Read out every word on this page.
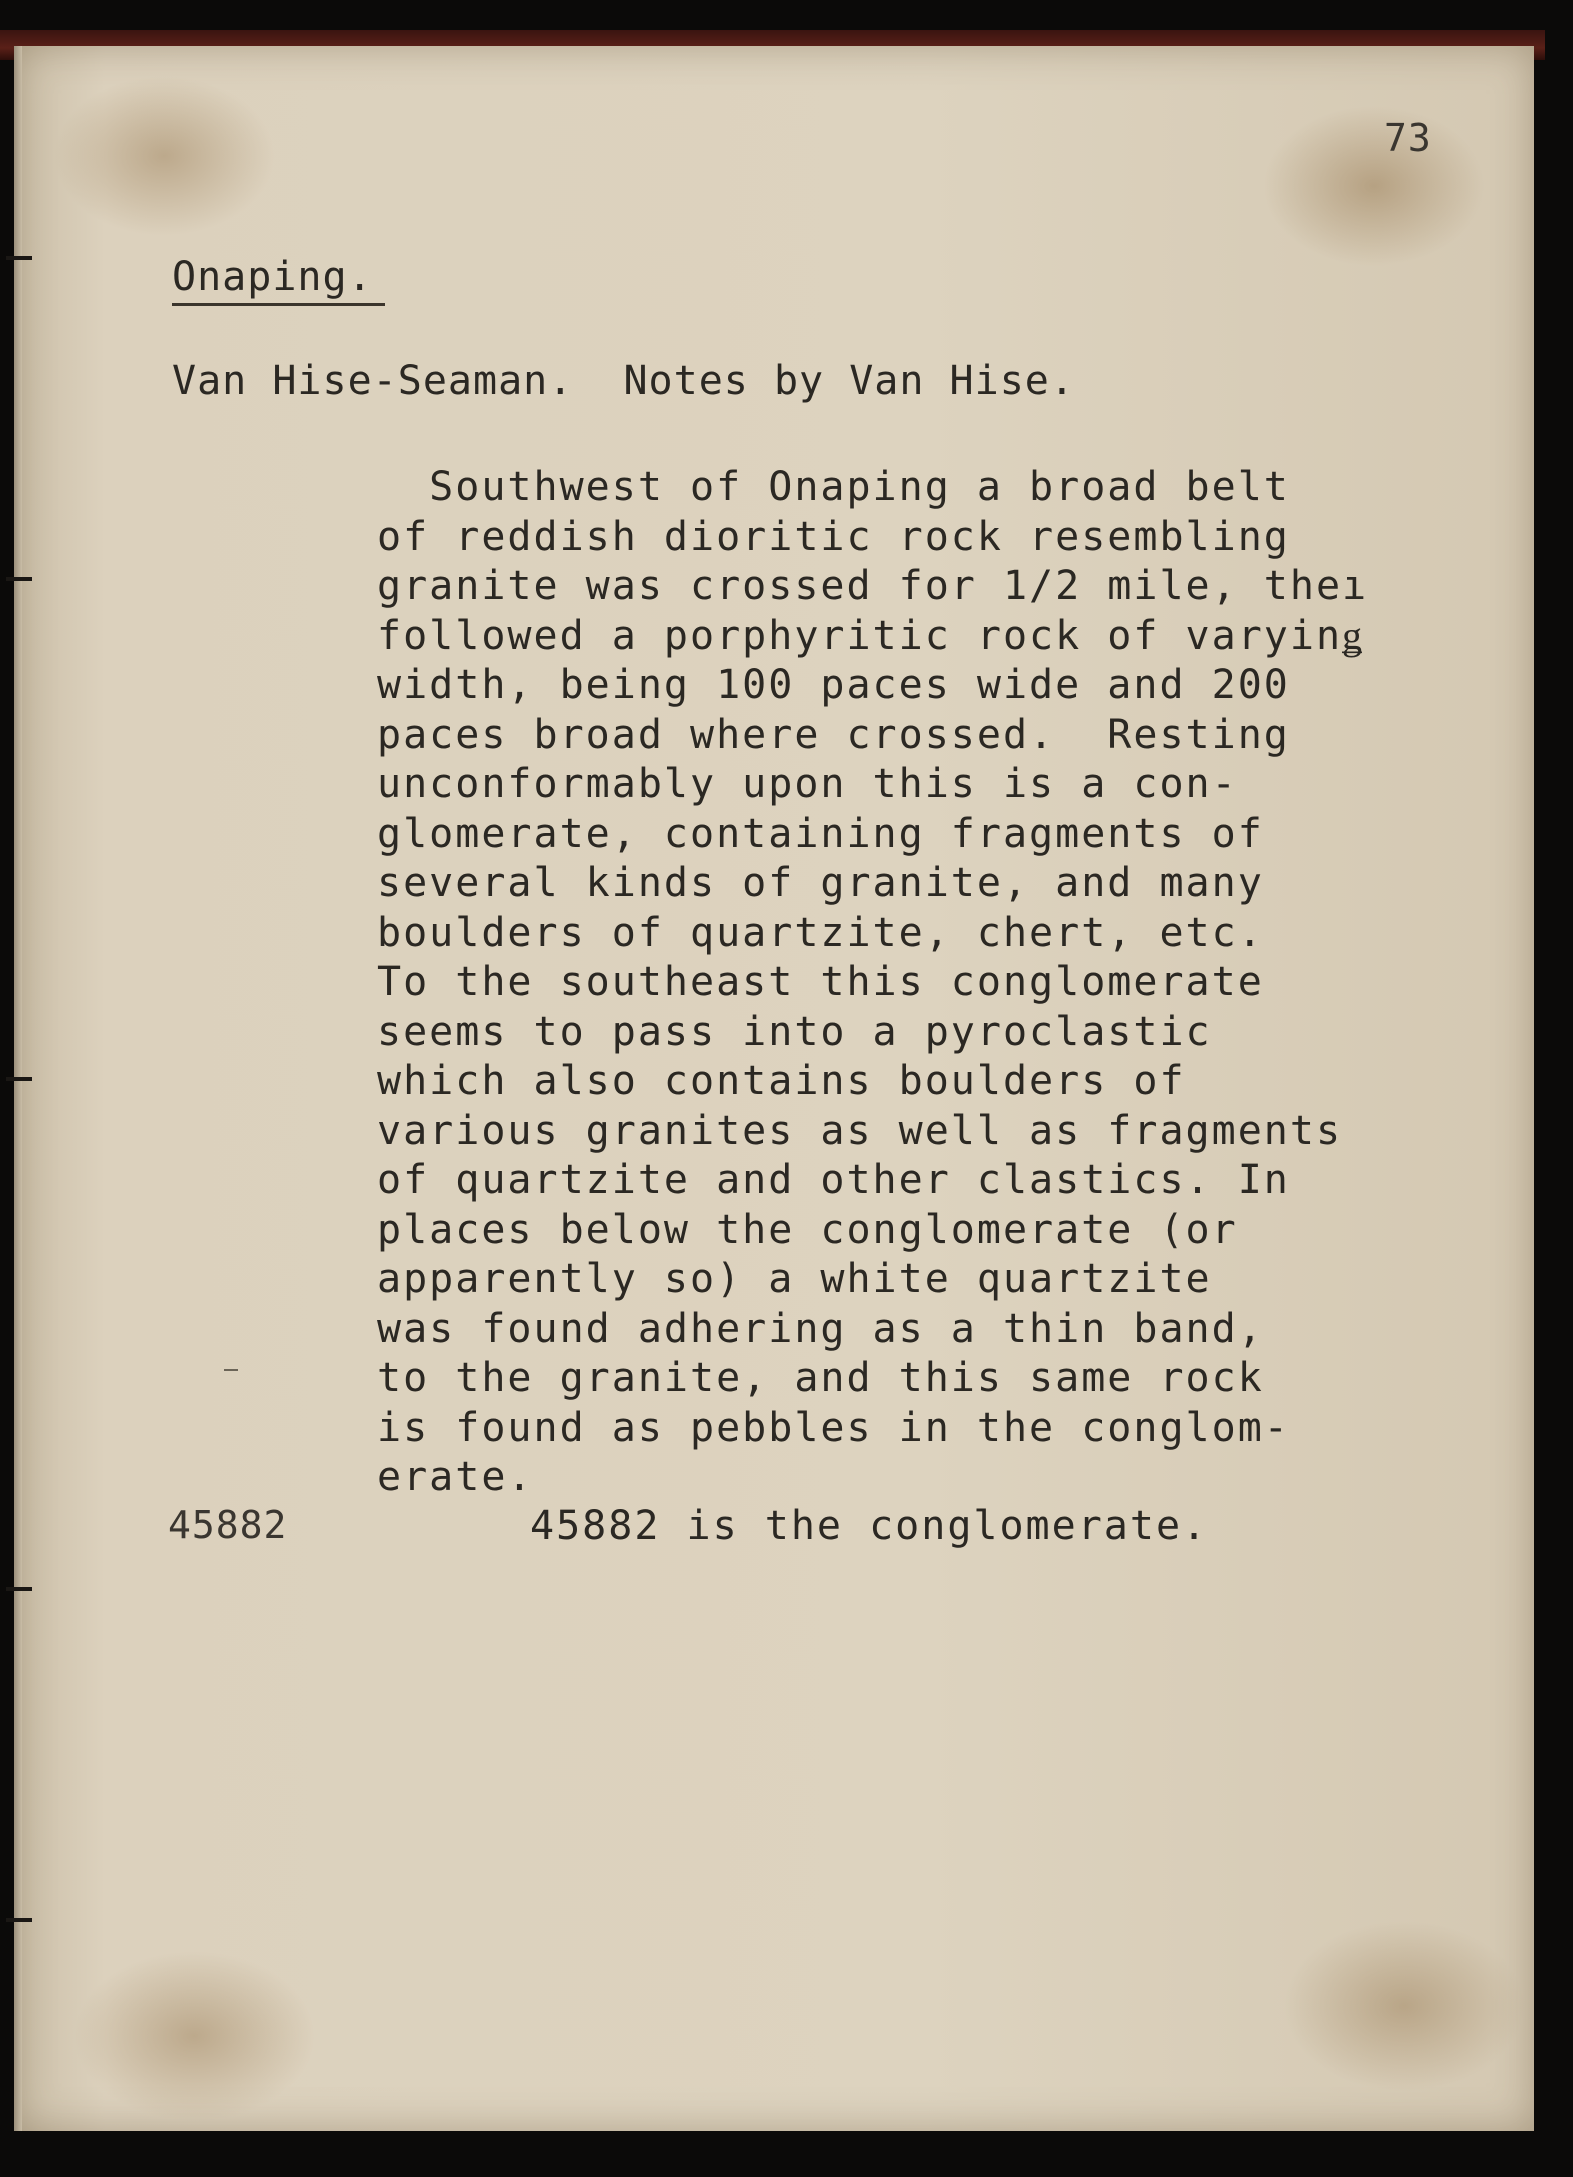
73
Onaping.
Van Hise-Seaman.  Notes by Van Hise.
Southwest of Onaping a broad belt
of reddish dioritic rock resembling
granite was crossed for 1/2 mile, theı
followed a porphyritic rock of varyinǥ
width, being 100 paces wide and 200
paces broad where crossed.  Resting
unconformably upon this is a con-
glomerate, containing fragments of
several kinds of granite, and many
boulders of quartzite, chert, etc.
To the southeast this conglomerate
seems to pass into a pyroclastic
which also contains boulders of
various granites as well as fragments
of quartzite and other clastics. In
places below the conglomerate (or
apparently so) a white quartzite
was found adhering as a thin band,
to the granite, and this same rock
is found as pebbles in the conglom-
erate.
45882	45882 is the conglomerate.
